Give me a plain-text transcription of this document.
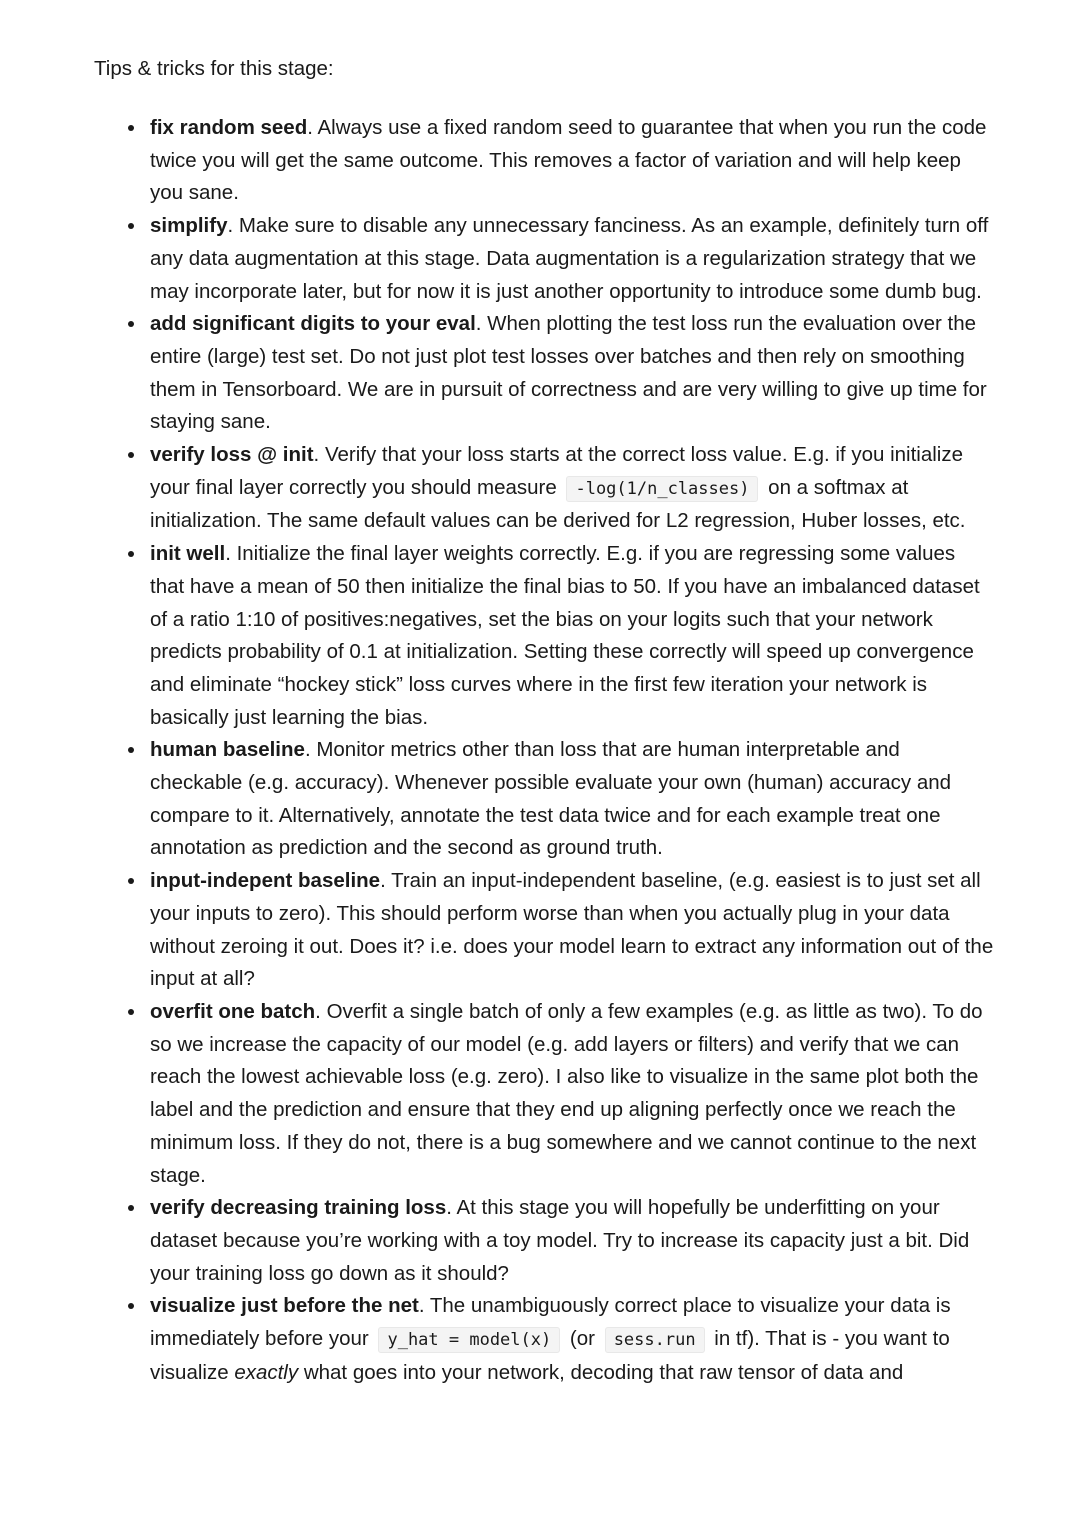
Tips & tricks for this stage:

fix random seed. Always use a fixed random seed to guarantee that when you run the code twice you will get the same outcome. This removes a factor of variation and will help keep you sane.
simplify. Make sure to disable any unnecessary fanciness. As an example, definitely turn off any data augmentation at this stage. Data augmentation is a regularization strategy that we may incorporate later, but for now it is just another opportunity to introduce some dumb bug.
add significant digits to your eval. When plotting the test loss run the evaluation over the entire (large) test set. Do not just plot test losses over batches and then rely on smoothing them in Tensorboard. We are in pursuit of correctness and are very willing to give up time for staying sane.
verify loss @ init. Verify that your loss starts at the correct loss value. E.g. if you initialize your final layer correctly you should measure -log(1/n_classes) on a softmax at initialization. The same default values can be derived for L2 regression, Huber losses, etc.
init well. Initialize the final layer weights correctly. E.g. if you are regressing some values that have a mean of 50 then initialize the final bias to 50. If you have an imbalanced dataset of a ratio 1:10 of positives:negatives, set the bias on your logits such that your network predicts probability of 0.1 at initialization. Setting these correctly will speed up convergence and eliminate “hockey stick” loss curves where in the first few iteration your network is basically just learning the bias.
human baseline. Monitor metrics other than loss that are human interpretable and checkable (e.g. accuracy). Whenever possible evaluate your own (human) accuracy and compare to it. Alternatively, annotate the test data twice and for each example treat one annotation as prediction and the second as ground truth.
input-indepent baseline. Train an input-independent baseline, (e.g. easiest is to just set all your inputs to zero). This should perform worse than when you actually plug in your data without zeroing it out. Does it? i.e. does your model learn to extract any information out of the input at all?
overfit one batch. Overfit a single batch of only a few examples (e.g. as little as two). To do so we increase the capacity of our model (e.g. add layers or filters) and verify that we can reach the lowest achievable loss (e.g. zero). I also like to visualize in the same plot both the label and the prediction and ensure that they end up aligning perfectly once we reach the minimum loss. If they do not, there is a bug somewhere and we cannot continue to the next stage.
verify decreasing training loss. At this stage you will hopefully be underfitting on your dataset because you’re working with a toy model. Try to increase its capacity just a bit. Did your training loss go down as it should?
visualize just before the net. The unambiguously correct place to visualize your data is immediately before your y_hat = model(x) (or sess.run in tf). That is - you want to visualize exactly what goes into your network, decoding that raw tensor of data and
